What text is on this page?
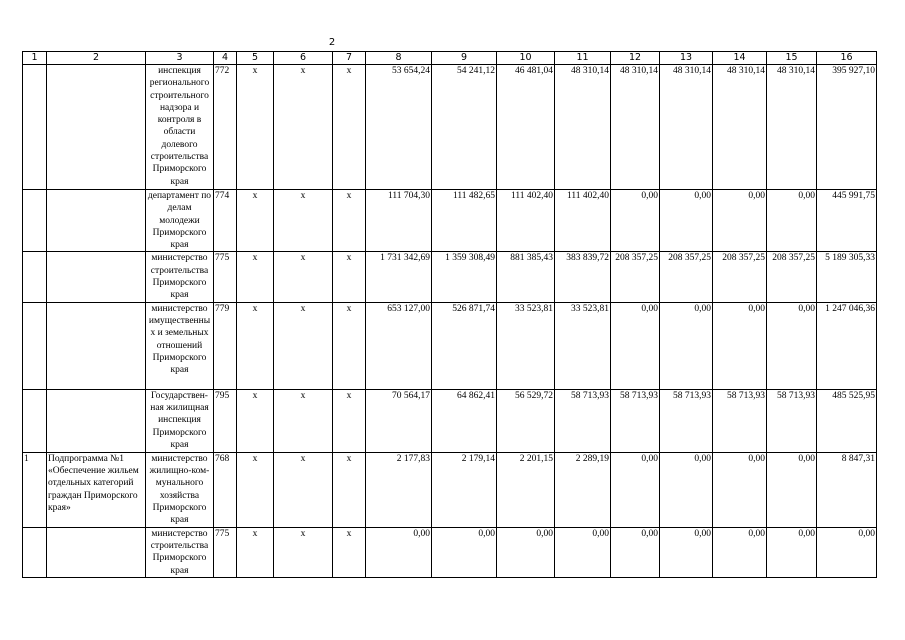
2
1	2	3	4	5	6	7	8	9	10	11	12	13	14	15	16
		инспекция регионального строительного надзора и контроля в области долевого строительства Приморского края	772	х	х	х	53 654,24	54 241,12	46 481,04	48 310,14	48 310,14	48 310,14	48 310,14	48 310,14	395 927,10
		департамент по делам молодежи Приморского края	774	х	х	х	111 704,30	111 482,65	111 402,40	111 402,40	0,00	0,00	0,00	0,00	445 991,75
		министерство строительства Приморского края	775	х	х	х	1 731 342,69	1 359 308,49	881 385,43	383 839,72	208 357,25	208 357,25	208 357,25	208 357,25	5 189 305,33
		министерство имущественных и земельных отношений Приморского края	779	х	х	х	653 127,00	526 871,74	33 523,81	33 523,81	0,00	0,00	0,00	0,00	1 247 046,36
		Государствен-ная жилищная инспекция Приморского края	795	х	х	х	70 564,17	64 862,41	56 529,72	58 713,93	58 713,93	58 713,93	58 713,93	58 713,93	485 525,95
1	Подпрограмма №1 «Обеспечение жильем отдельных категорий граждан Приморского края»	министерство жилищно-ком-мунального хозяйства Приморского края	768	х	х	х	2 177,83	2 179,14	2 201,15	2 289,19	0,00	0,00	0,00	0,00	8 847,31
		министерство строительства Приморского края	775	х	х	х	0,00	0,00	0,00	0,00	0,00	0,00	0,00	0,00	0,00
